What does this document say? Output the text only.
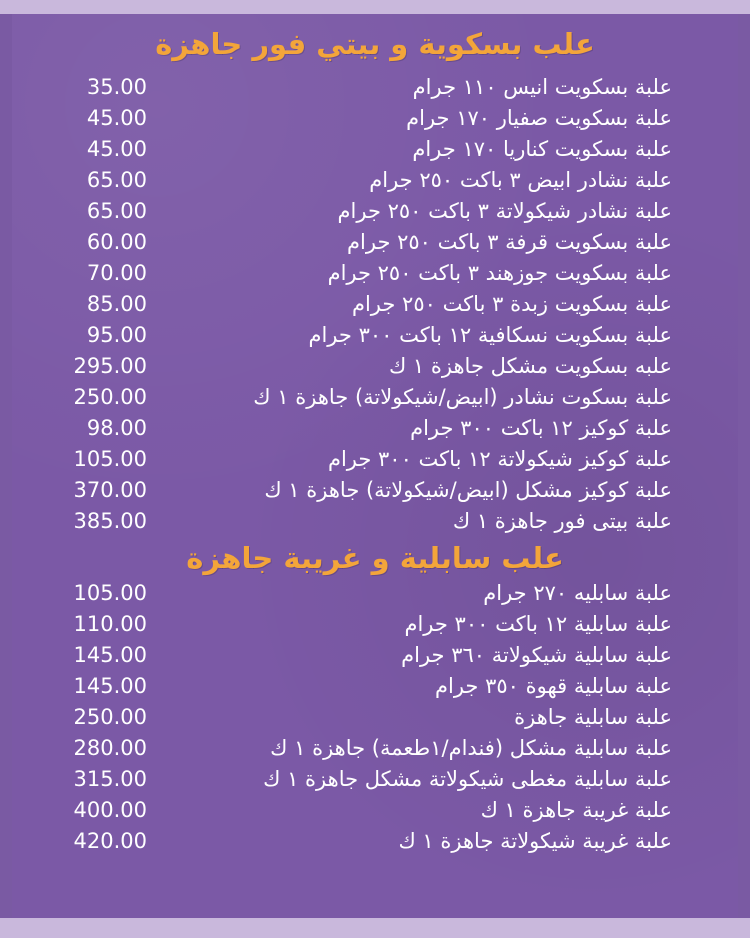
علب بسكوية و بيتي فور جاهزة
علبة بسكويت انيس ١١٠ جرام
35.00
علبة بسكويت صفيار ١٧٠ جرام
45.00
علبة بسكويت كناريا ١٧٠ جرام
45.00
علبة نشادر ابيض ٣ باكت ٢٥٠ جرام
65.00
علبة نشادر شيكولاتة ٣ باكت ٢٥٠ جرام
65.00
علبة بسكويت قرفة ٣ باكت ٢٥٠ جرام
60.00
علبة بسكويت جوزهند ٣ باكت ٢٥٠ جرام
70.00
علبة بسكويت زبدة ٣ باكت ٢٥٠ جرام
85.00
علبة بسكويت نسكافية ١٢ باكت ٣٠٠ جرام
95.00
علبه بسكويت مشكل جاهزة ١ ك
295.00
علبة بسكوت نشادر (ابيض/شيكولاتة) جاهزة ١ ك
250.00
علبة كوكيز ١٢ باكت ٣٠٠ جرام
98.00
علبة كوكيز شيكولاتة ١٢ باكت ٣٠٠ جرام
105.00
علبة كوكيز مشكل (ابيض/شيكولاتة) جاهزة ١ ك
370.00
علبة بيتى فور جاهزة ١ ك
385.00
علب سابلية و غريبة جاهزة
علبة سابليه ٢٧٠ جرام
105.00
علبة سابلية ١٢ باكت ٣٠٠ جرام
110.00
علبة سابلية شيكولاتة ٣٦٠ جرام
145.00
علبة سابلية قهوة ٣٥٠ جرام
145.00
علبة سابلية جاهزة
250.00
علبة سابلية مشكل (فندام/١طعمة) جاهزة ١ ك
280.00
علبة سابلية مغطى شيكولاتة مشكل جاهزة ١ ك
315.00
علبة غريبة جاهزة ١ ك
400.00
علبة غريبة شيكولاتة جاهزة ١ ك
420.00
